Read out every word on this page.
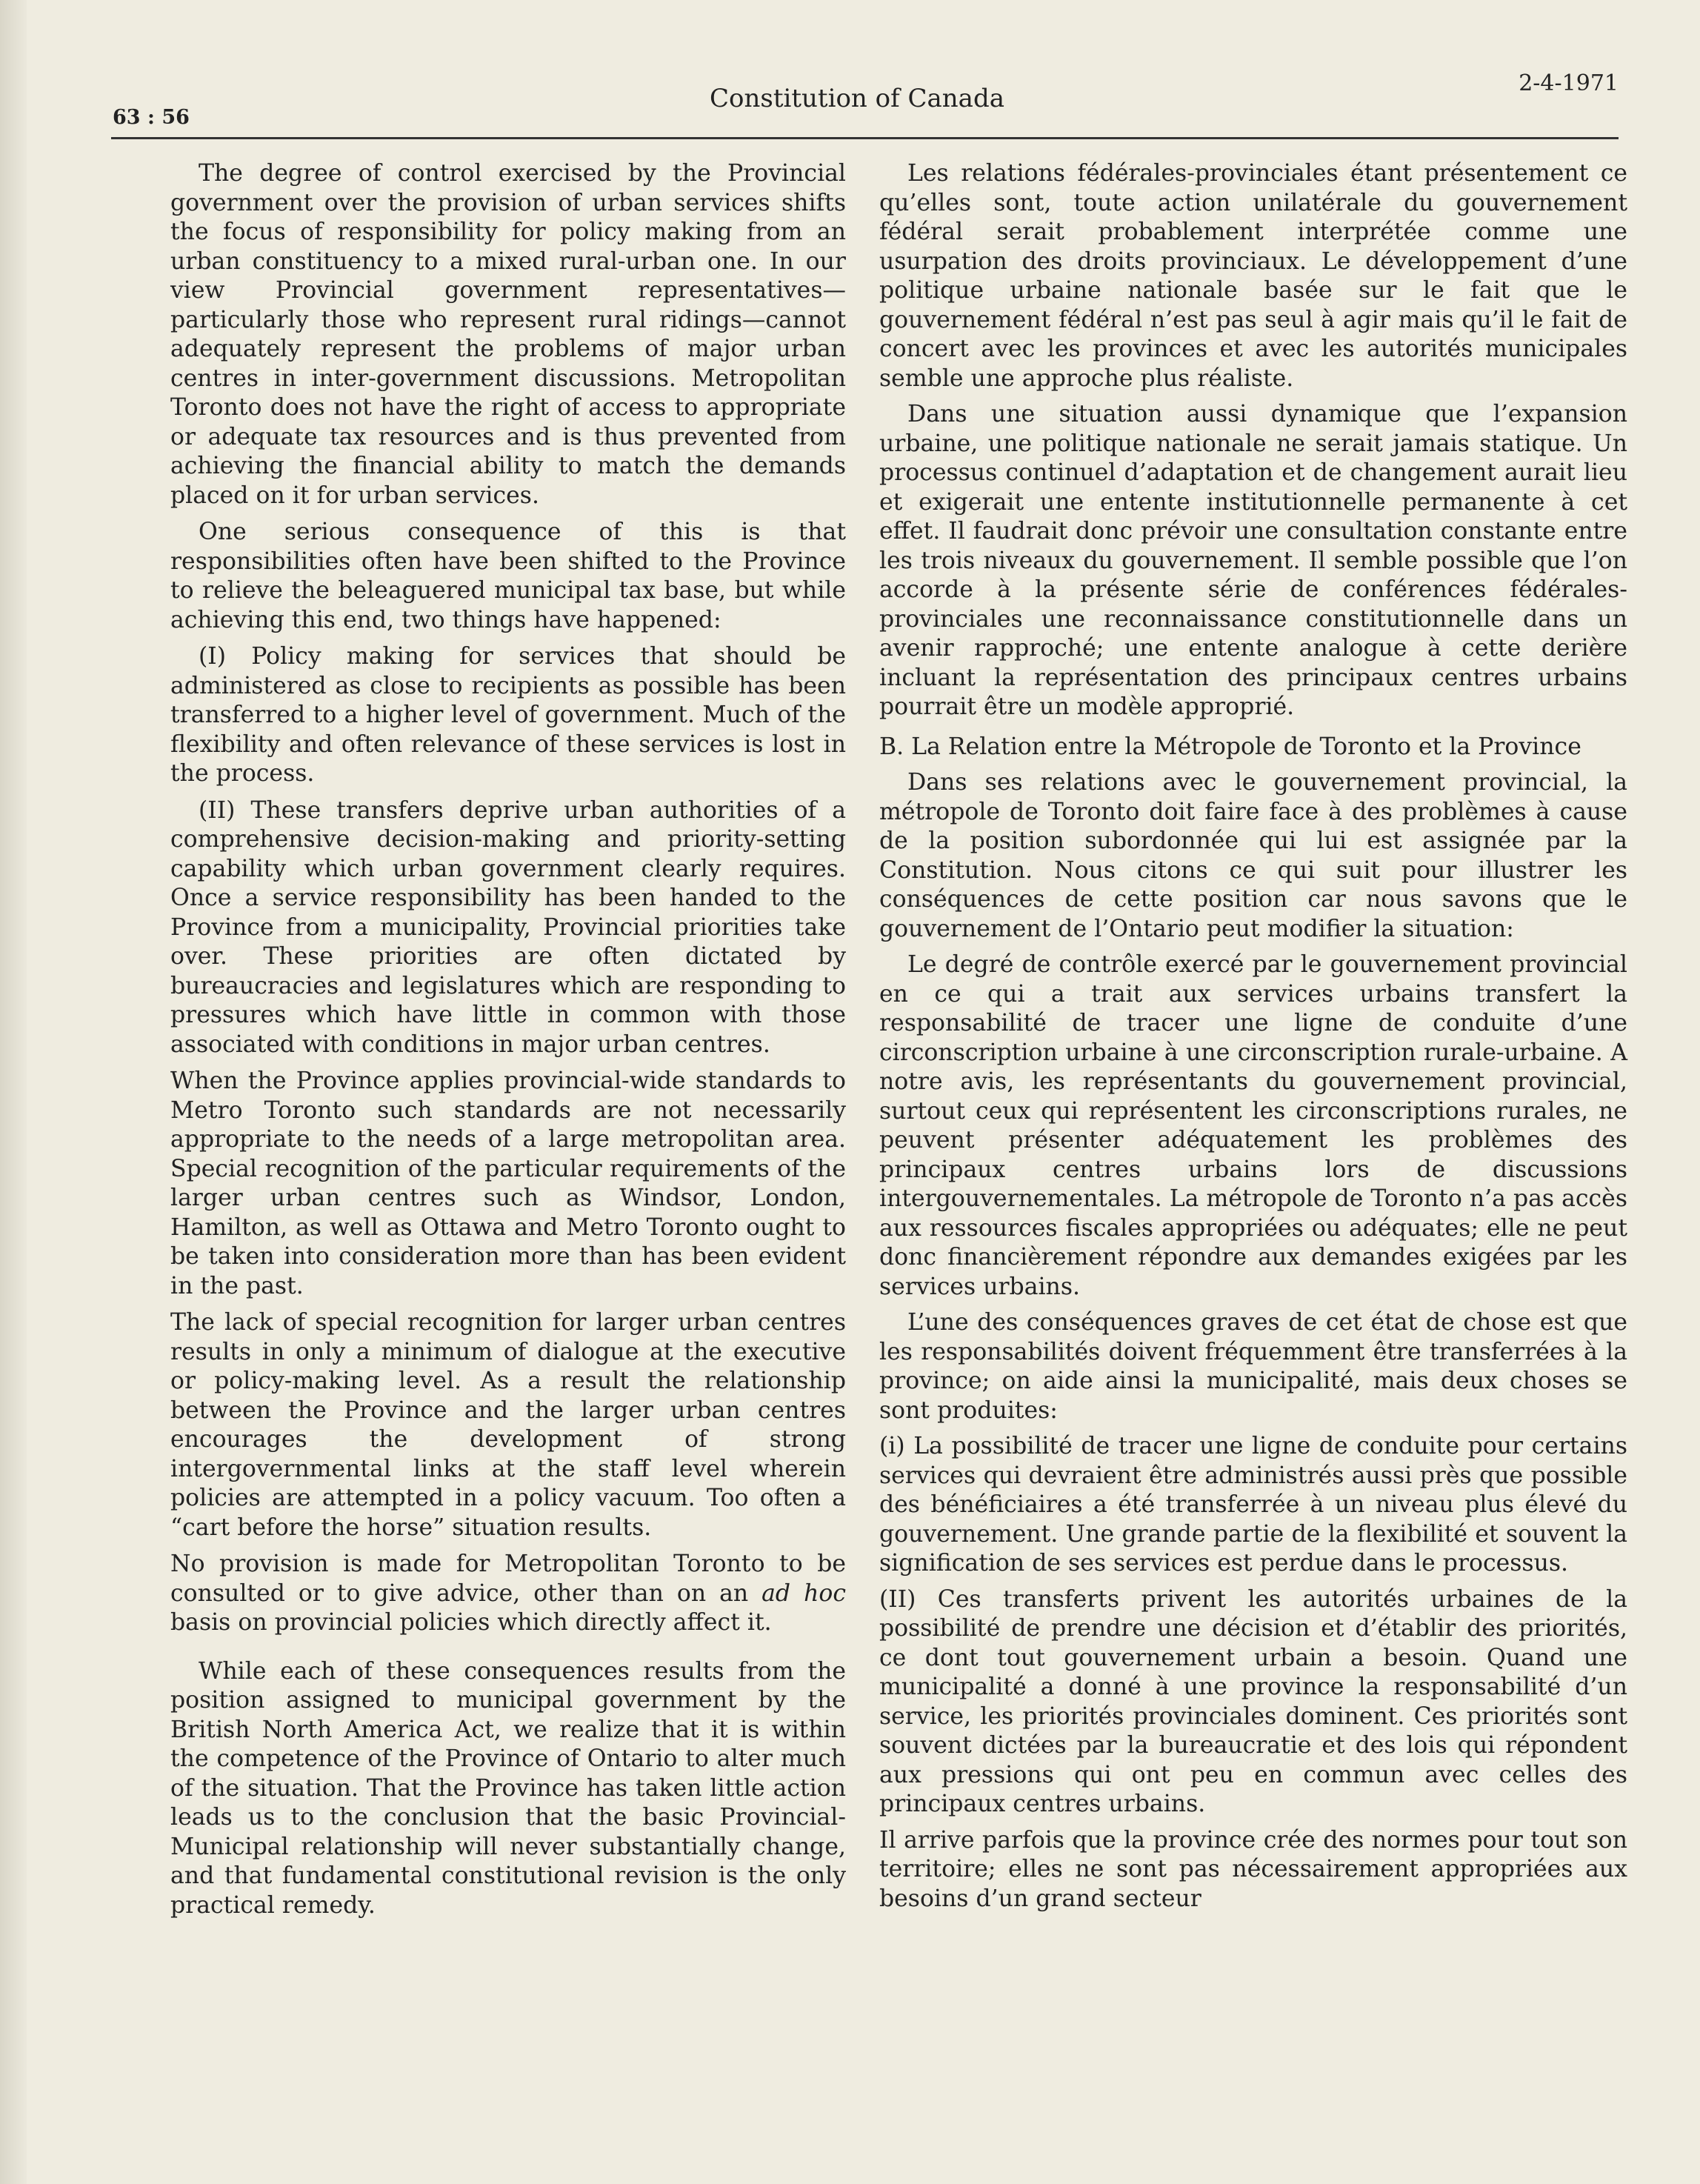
63 : 56
Constitution of Canada
2-4-1971

The degree of control exercised by the Provincial government over the provision of urban services shifts the focus of responsibility for policy making from an urban constituency to a mixed rural-urban one. In our view Provincial government representatives—particularly those who represent rural ridings—cannot adequately represent the problems of major urban centres in inter-government discussions. Metropolitan Toronto does not have the right of access to appropriate or adequate tax resources and is thus prevented from achieving the financial ability to match the demands placed on it for urban services.

One serious consequence of this is that responsibilities often have been shifted to the Province to relieve the beleaguered municipal tax base, but while achieving this end, two things have happened:

(I) Policy making for services that should be administered as close to recipients as possible has been transferred to a higher level of government. Much of the flexibility and often relevance of these services is lost in the process.

(II) These transfers deprive urban authorities of a comprehensive decision-making and priority-setting capability which urban government clearly requires. Once a service responsibility has been handed to the Province from a municipality, Provincial priorities take over. These priorities are often dictated by bureaucracies and legislatures which are responding to pressures which have little in common with those associated with conditions in major urban centres.

When the Province applies provincial-wide standards to Metro Toronto such standards are not necessarily appropriate to the needs of a large metropolitan area. Special recognition of the particular requirements of the larger urban centres such as Windsor, London, Hamilton, as well as Ottawa and Metro Toronto ought to be taken into consideration more than has been evident in the past.

The lack of special recognition for larger urban centres results in only a minimum of dialogue at the executive or policy-making level. As a result the relationship between the Province and the larger urban centres encourages the development of strong intergovernmental links at the staff level wherein policies are attempted in a policy vacuum. Too often a “cart before the horse” situation results.

No provision is made for Metropolitan Toronto to be consulted or to give advice, other than on an ad hoc basis on provincial policies which directly affect it.

While each of these consequences results from the position assigned to municipal government by the British North America Act, we realize that it is within the competence of the Province of Ontario to alter much of the situation. That the Province has taken little action leads us to the conclusion that the basic Provincial-Municipal relationship will never substantially change, and that fundamental constitutional revision is the only practical remedy.

Les relations fédérales-provinciales étant présentement ce qu’elles sont, toute action unilatérale du gouvernement fédéral serait probablement interprétée comme une usurpation des droits provinciaux. Le développement d’une politique urbaine nationale basée sur le fait que le gouvernement fédéral n’est pas seul à agir mais qu’il le fait de concert avec les provinces et avec les autorités municipales semble une approche plus réaliste.

Dans une situation aussi dynamique que l’expansion urbaine, une politique nationale ne serait jamais statique. Un processus continuel d’adaptation et de changement aurait lieu et exigerait une entente institutionnelle permanente à cet effet. Il faudrait donc prévoir une consultation constante entre les trois niveaux du gouvernement. Il semble possible que l’on accorde à la présente série de conférences fédérales-provinciales une reconnaissance constitutionnelle dans un avenir rapproché; une entente analogue à cette derière incluant la représentation des principaux centres urbains pourrait être un modèle approprié.

B. La Relation entre la Métropole de Toronto et la Province

Dans ses relations avec le gouvernement provincial, la métropole de Toronto doit faire face à des problèmes à cause de la position subordonnée qui lui est assignée par la Constitution. Nous citons ce qui suit pour illustrer les conséquences de cette position car nous savons que le gouvernement de l’Ontario peut modifier la situation:

Le degré de contrôle exercé par le gouvernement provincial en ce qui a trait aux services urbains transfert la responsabilité de tracer une ligne de conduite d’une circonscription urbaine à une circonscription rurale-urbaine. A notre avis, les représentants du gouvernement provincial, surtout ceux qui représentent les circonscriptions rurales, ne peuvent présenter adéquatement les problèmes des principaux centres urbains lors de discussions intergouvernementales. La métropole de Toronto n’a pas accès aux ressources fiscales appropriées ou adéquates; elle ne peut donc financièrement répondre aux demandes exigées par les services urbains.

L’une des conséquences graves de cet état de chose est que les responsabilités doivent fréquemment être transferrées à la province; on aide ainsi la municipalité, mais deux choses se sont produites:

(i) La possibilité de tracer une ligne de conduite pour certains services qui devraient être administrés aussi près que possible des bénéficiaires a été transferrée à un niveau plus élevé du gouvernement. Une grande partie de la flexibilité et souvent la signification de ses services est perdue dans le processus.

(II) Ces transferts privent les autorités urbaines de la possibilité de prendre une décision et d’établir des priorités, ce dont tout gouvernement urbain a besoin. Quand une municipalité a donné à une province la responsabilité d’un service, les priorités provinciales dominent. Ces priorités sont souvent dictées par la bureaucratie et des lois qui répondent aux pressions qui ont peu en commun avec celles des principaux centres urbains.

Il arrive parfois que la province crée des normes pour tout son territoire; elles ne sont pas nécessairement appropriées aux besoins d’un grand secteur
